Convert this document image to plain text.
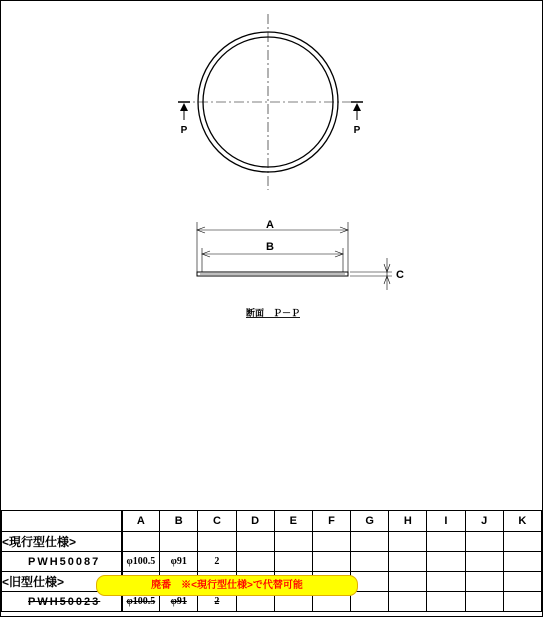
P	P
A
B
C
断面　Ｐ－Ｐ
	A	B	C	D	E	F	G	H	I	J	K
<現行型仕様>											
PWH50087	φ100.5	φ91	2								
<旧型仕様>											
PWH50023	φ100.5	φ91	2								
廃番　※<現行型仕様>で代替可能
